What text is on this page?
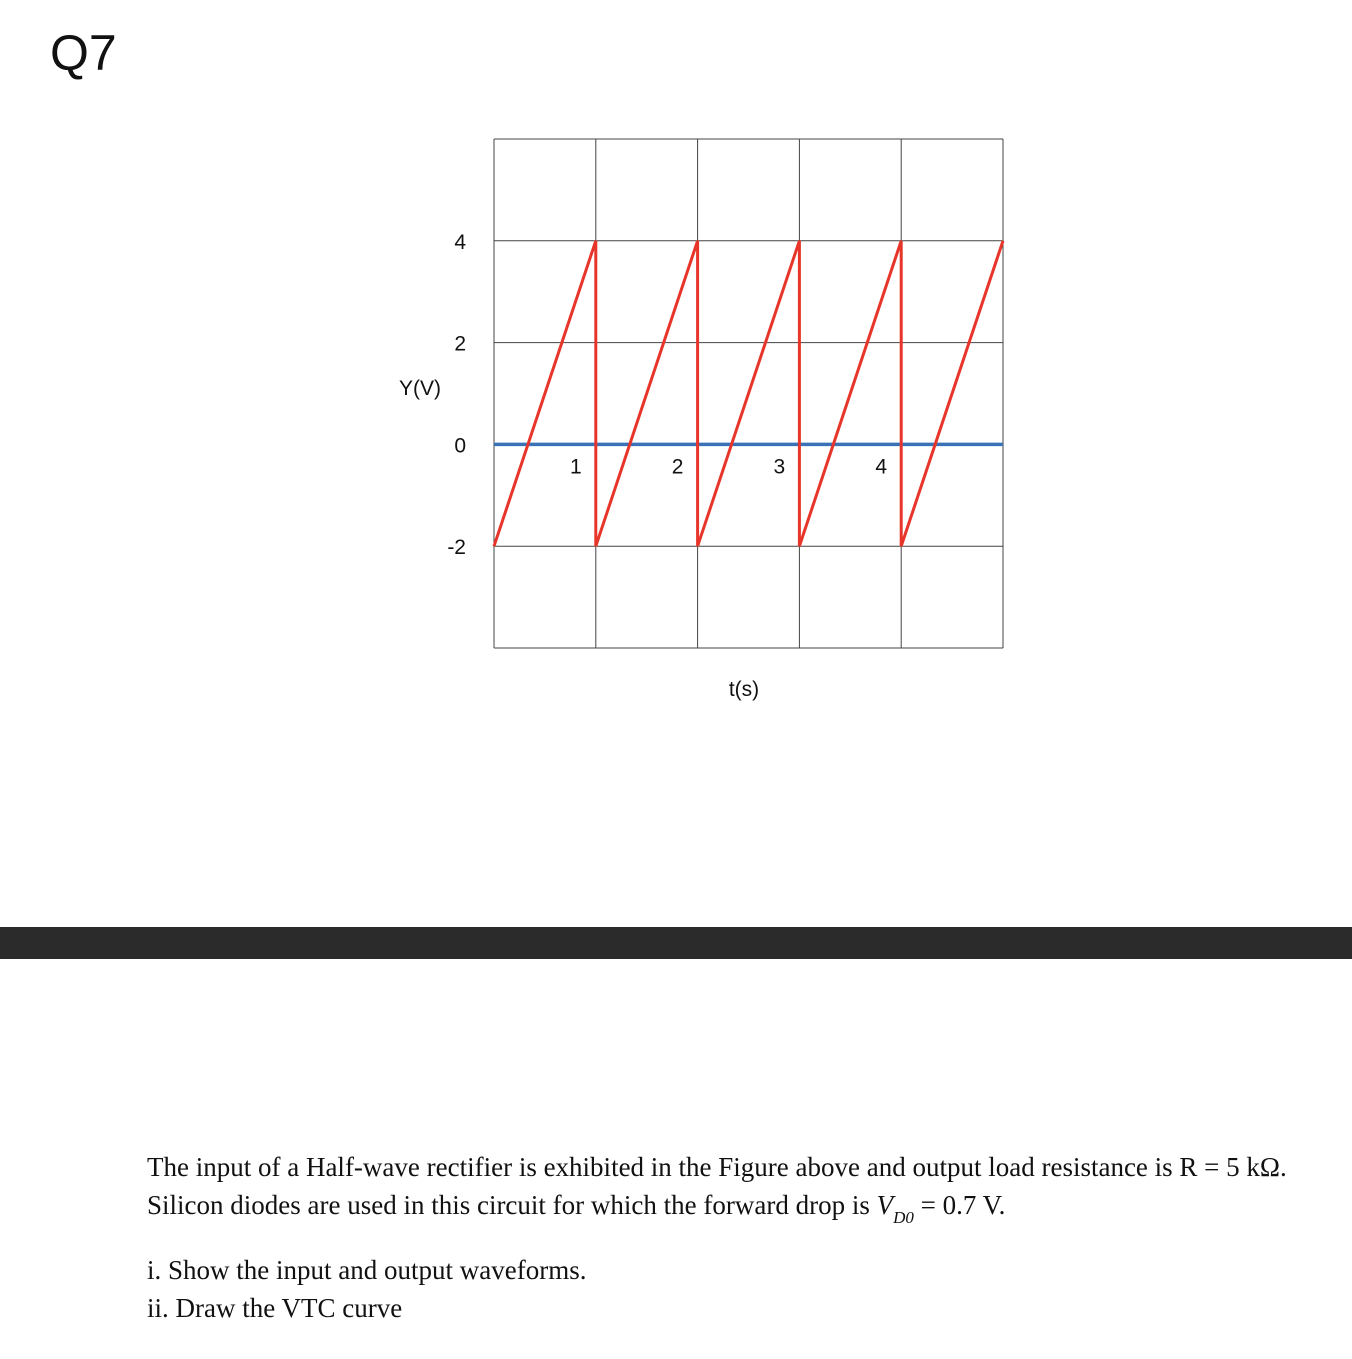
Q7
4
2
0
-2
1	2	3	4
Y(V)
t(s)

The input of a Half-wave rectifier is exhibited in the Figure above and output load resistance is R = 5 kΩ. Silicon diodes are used in this circuit for which the forward drop is $V_{D0} = 0.7$ V.

i. Show the input and output waveforms.

ii. Draw the VTC curve
